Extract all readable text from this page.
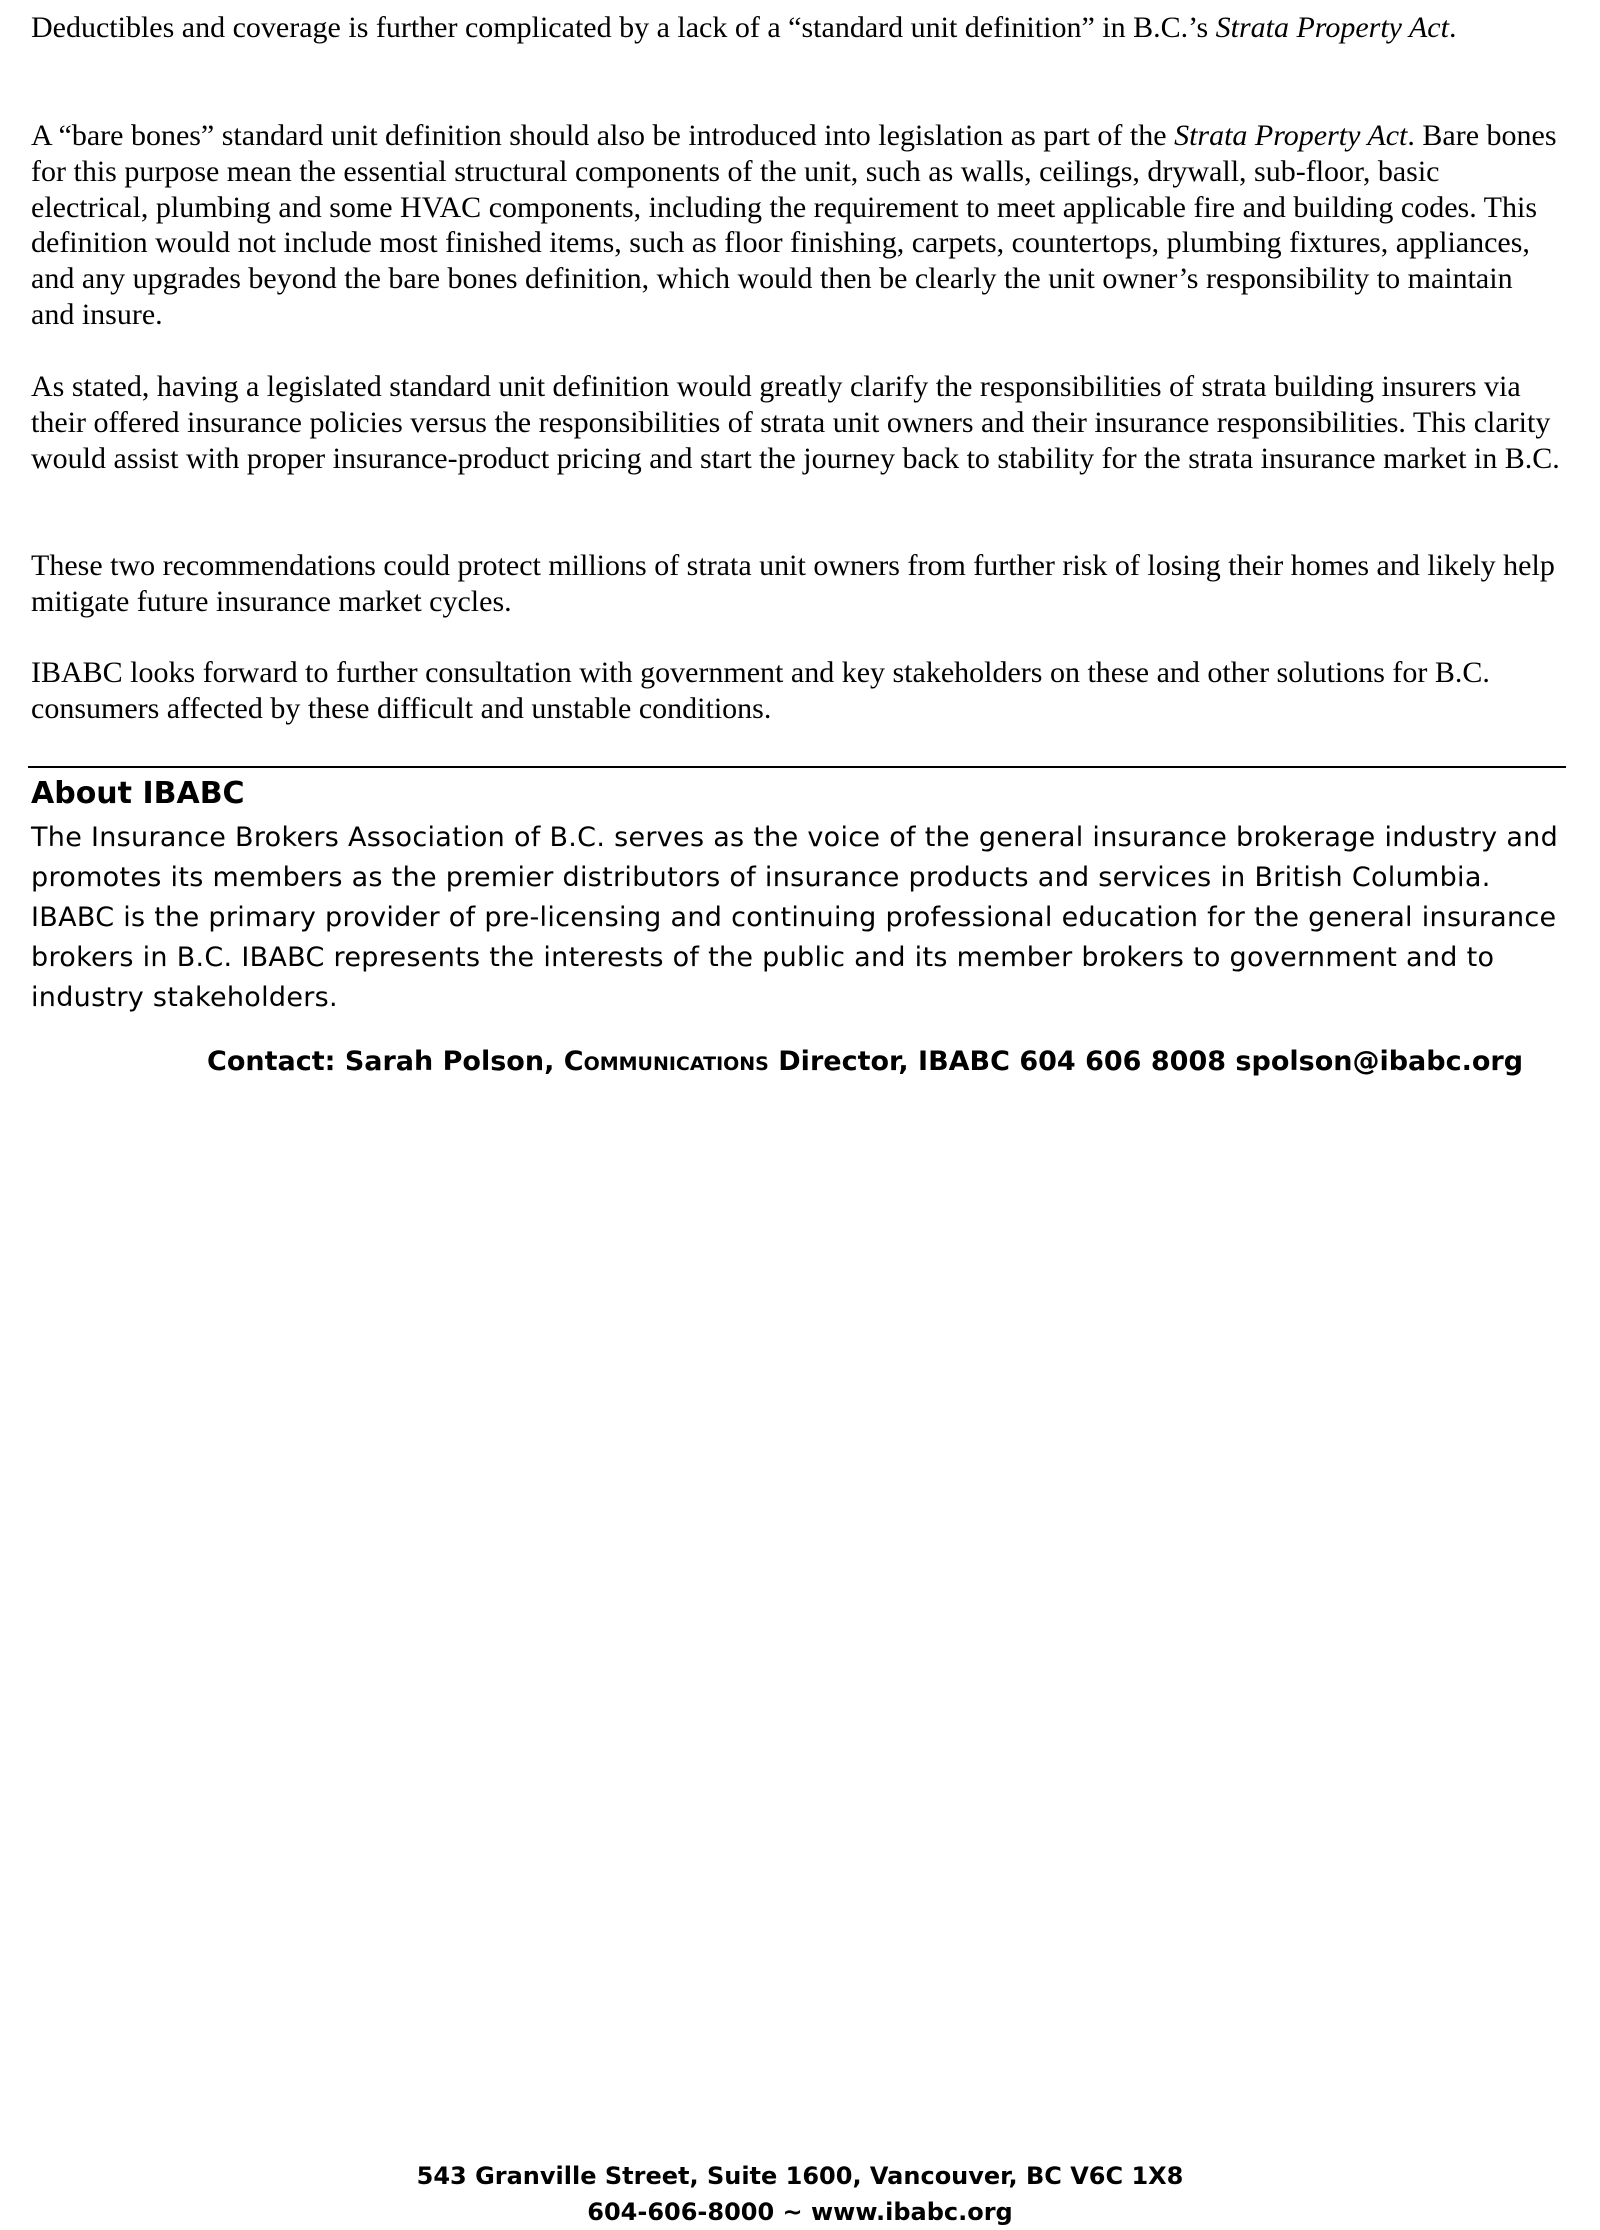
Deductibles and coverage is further complicated by a lack of a “standard unit definition” in B.C.’s Strata Property Act.

A “bare bones” standard unit definition should also be introduced into legislation as part of the Strata Property Act. Bare bones for this purpose mean the essential structural components of the unit, such as walls, ceilings, drywall, sub-floor, basic electrical, plumbing and some HVAC components, including the requirement to meet applicable fire and building codes. This definition would not include most finished items, such as floor finishing, carpets, countertops, plumbing fixtures, appliances, and any upgrades beyond the bare bones definition, which would then be clearly the unit owner’s responsibility to maintain and insure.

As stated, having a legislated standard unit definition would greatly clarify the responsibilities of strata building insurers via their offered insurance policies versus the responsibilities of strata unit owners and their insurance responsibilities. This clarity would assist with proper insurance-product pricing and start the journey back to stability for the strata insurance market in B.C.

These two recommendations could protect millions of strata unit owners from further risk of losing their homes and likely help mitigate future insurance market cycles.

IBABC looks forward to further consultation with government and key stakeholders on these and other solutions for B.C. consumers affected by these difficult and unstable conditions.

About IBABC

The Insurance Brokers Association of B.C. serves as the voice of the general insurance brokerage industry and promotes its members as the premier distributors of insurance products and services in British Columbia. IBABC is the primary provider of pre-licensing and continuing professional education for the general insurance brokers in B.C. IBABC represents the interests of the public and its member brokers to government and to industry stakeholders.

Contact: Sarah Polson, Communications Director, IBABC 604 606 8008 spolson@ibabc.org

543 Granville Street, Suite 1600, Vancouver, BC V6C 1X8
604-606-8000 ~ www.ibabc.org
